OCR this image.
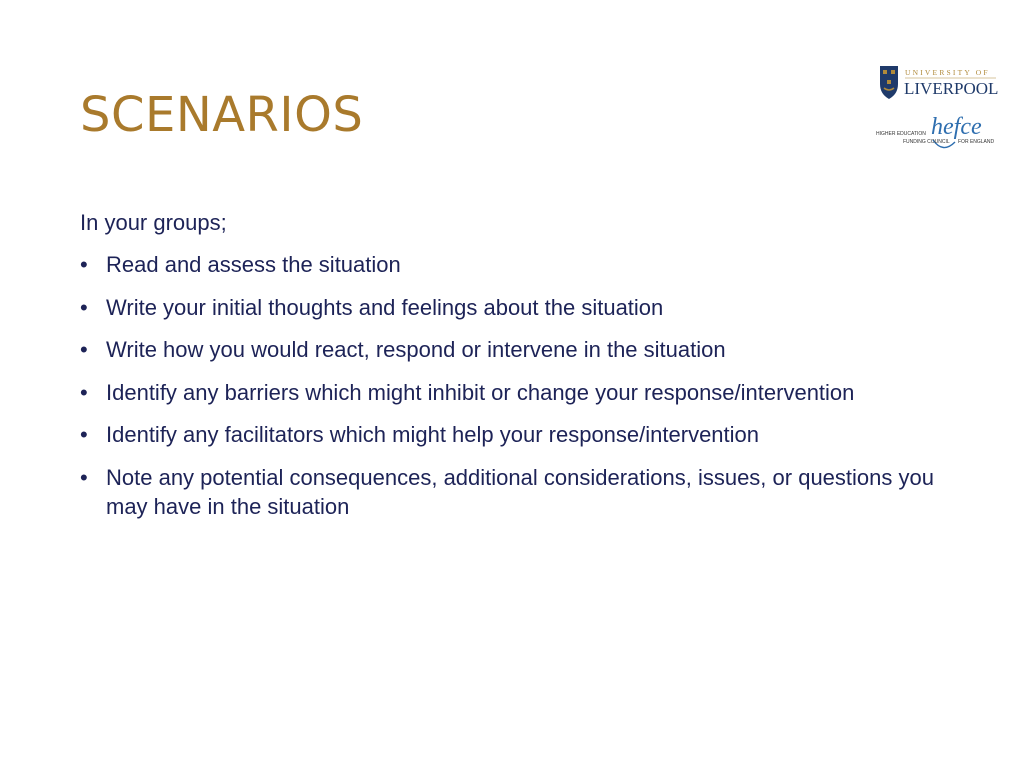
SCENARIOS
UNIVERSITY OF
LIVERPOOL
hefce
HIGHER EDUCATION
FUNDING COUNCIL FOR ENGLAND

In your groups;

• Read and assess the situation
• Write your initial thoughts and feelings about the situation
• Write how you would react, respond or intervene in the situation
• Identify any barriers which might inhibit or change your response/intervention
• Identify any facilitators which might help your response/intervention
• Note any potential consequences, additional considerations, issues, or questions you may have in the situation
